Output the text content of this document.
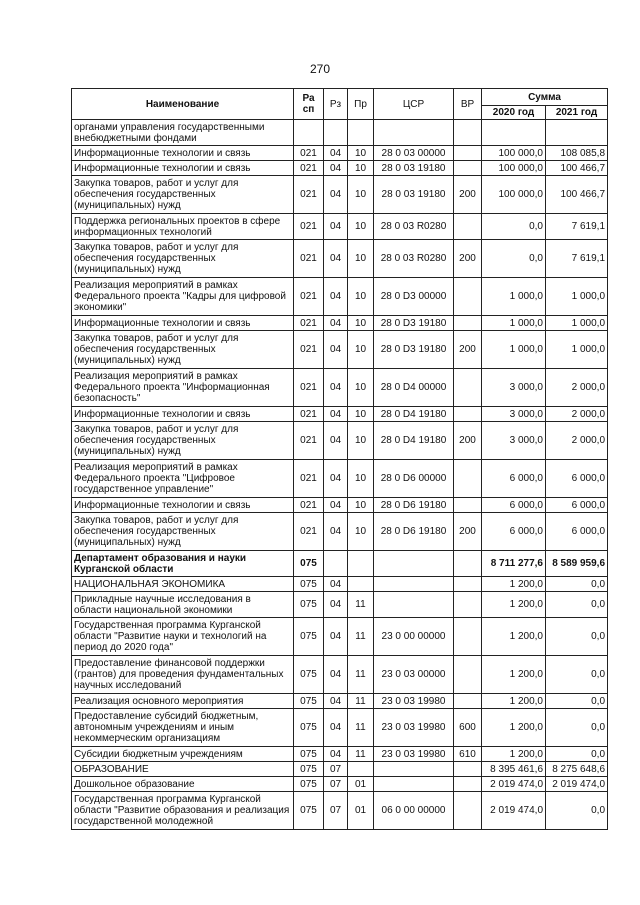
270
Наименование	Ра сп	Рз	Пр	ЦСР	ВР	Сумма	
						2020 год	2021 год
органами управления государственными внебюджетными фондами							
Информационные технологии и связь	021	04	10	28 0 03 00000		100 000,0	108 085,8
Информационные технологии и связь	021	04	10	28 0 03 19180		100 000,0	100 466,7
Закупка товаров, работ и услуг для обеспечения государственных (муниципальных) нужд	021	04	10	28 0 03 19180	200	100 000,0	100 466,7
Поддержка региональных проектов в сфере информационных технологий	021	04	10	28 0 03 R0280		0,0	7 619,1
Закупка товаров, работ и услуг для обеспечения государственных (муниципальных) нужд	021	04	10	28 0 03 R0280	200	0,0	7 619,1
Реализация мероприятий в рамках Федерального проекта "Кадры для цифровой экономики"	021	04	10	28 0 D3 00000		1 000,0	1 000,0
Информационные технологии и связь	021	04	10	28 0 D3 19180		1 000,0	1 000,0
Закупка товаров, работ и услуг для обеспечения государственных (муниципальных) нужд	021	04	10	28 0 D3 19180	200	1 000,0	1 000,0
Реализация мероприятий в рамках Федерального проекта "Информационная безопасность"	021	04	10	28 0 D4 00000		3 000,0	2 000,0
Информационные технологии и связь	021	04	10	28 0 D4 19180		3 000,0	2 000,0
Закупка товаров, работ и услуг для обеспечения государственных (муниципальных) нужд	021	04	10	28 0 D4 19180	200	3 000,0	2 000,0
Реализация мероприятий в рамках Федерального проекта "Цифровое государственное управление"	021	04	10	28 0 D6 00000		6 000,0	6 000,0
Информационные технологии и связь	021	04	10	28 0 D6 19180		6 000,0	6 000,0
Закупка товаров, работ и услуг для обеспечения государственных (муниципальных) нужд	021	04	10	28 0 D6 19180	200	6 000,0	6 000,0
Департамент образования и науки Курганской области	075					8 711 277,6	8 589 959,6
НАЦИОНАЛЬНАЯ ЭКОНОМИКА	075	04				1 200,0	0,0
Прикладные научные исследования в области национальной экономики	075	04	11			1 200,0	0,0
Государственная программа Курганской области "Развитие науки и технологий на период до 2020 года"	075	04	11	23 0 00 00000		1 200,0	0,0
Предоставление финансовой поддержки (грантов) для проведения фундаментальных научных исследований	075	04	11	23 0 03 00000		1 200,0	0,0
Реализация основного мероприятия	075	04	11	23 0 03 19980		1 200,0	0,0
Предоставление субсидий бюджетным, автономным учреждениям и иным некоммерческим организациям	075	04	11	23 0 03 19980	600	1 200,0	0,0
Субсидии бюджетным учреждениям	075	04	11	23 0 03 19980	610	1 200,0	0,0
ОБРАЗОВАНИЕ	075	07				8 395 461,6	8 275 648,6
Дошкольное образование	075	07	01			2 019 474,0	2 019 474,0
Государственная программа Курганской области "Развитие образования и реализация государственной молодежной	075	07	01	06 0 00 00000		2 019 474,0	0,0
